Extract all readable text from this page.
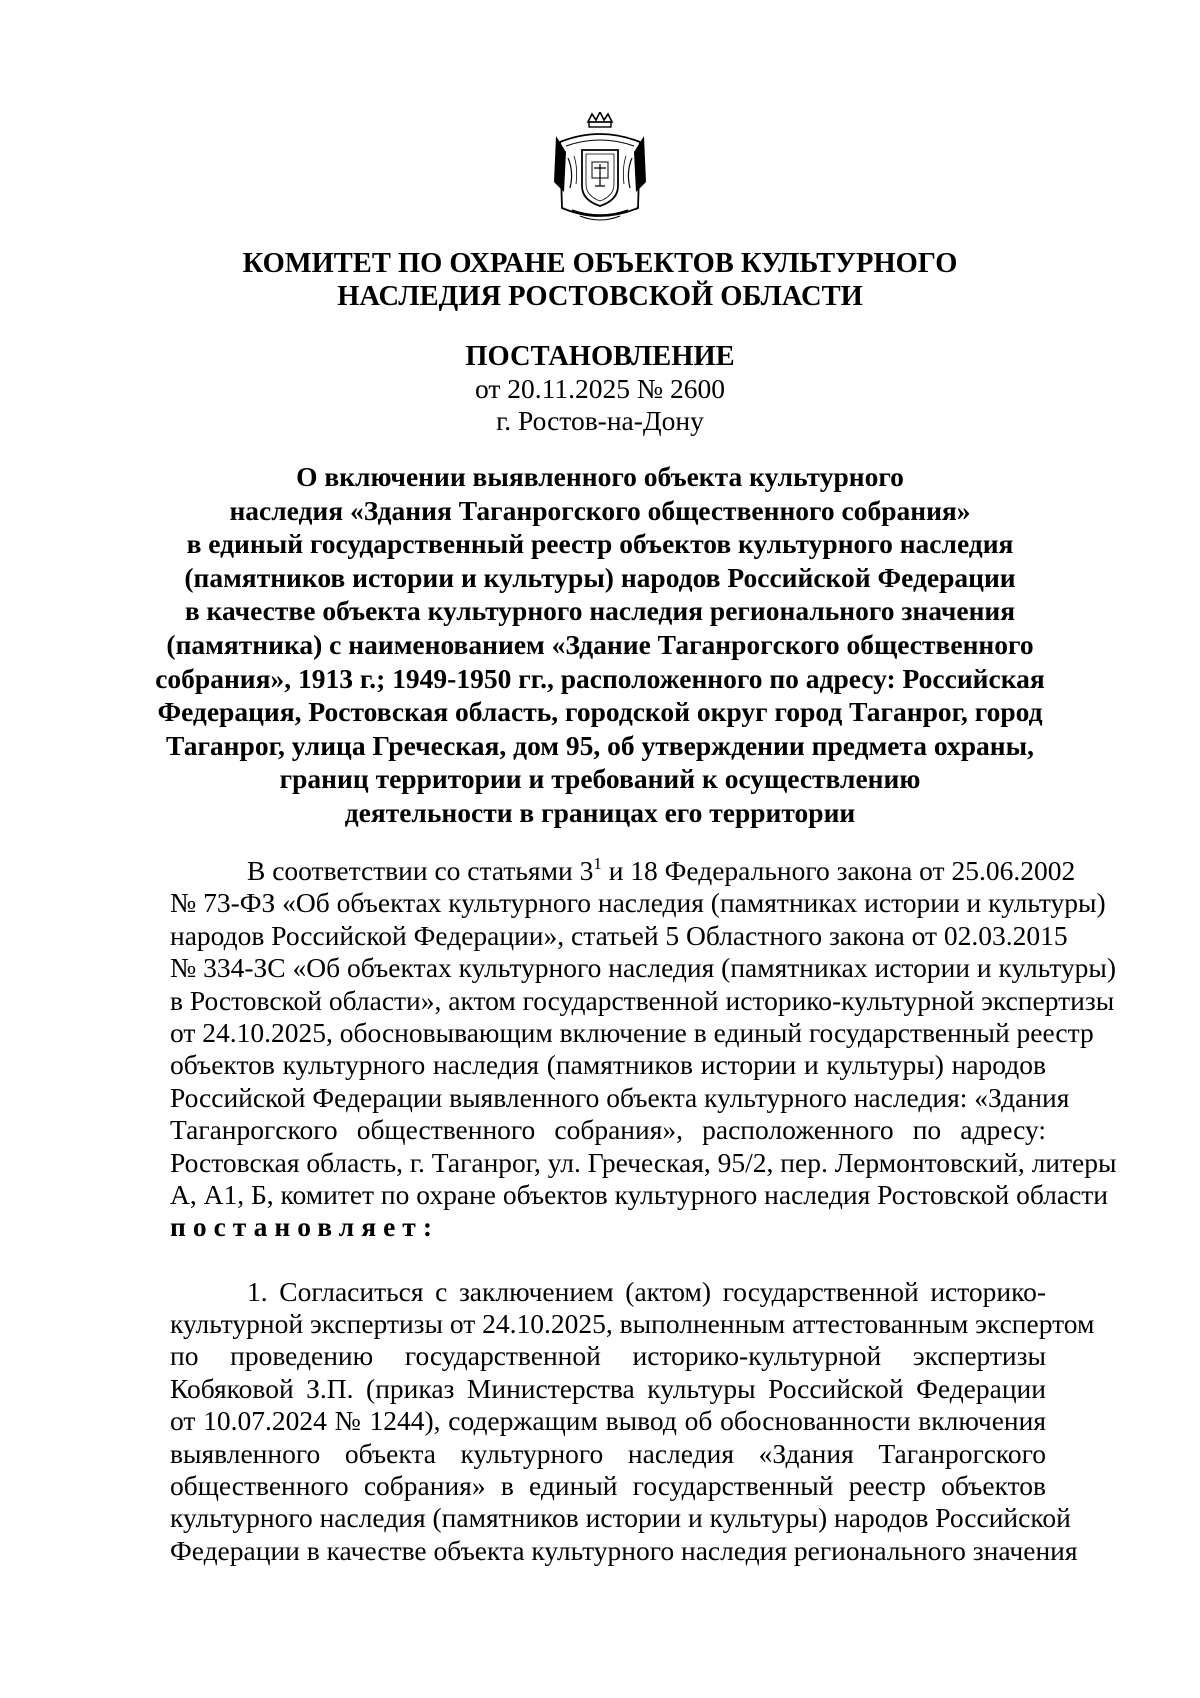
КОМИТЕТ ПО ОХРАНЕ ОБЪЕКТОВ КУЛЬТУРНОГО
НАСЛЕДИЯ РОСТОВСКОЙ ОБЛАСТИ
ПОСТАНОВЛЕНИЕ
от 20.11.2025 № 2600
г. Ростов-на-Дону
О включении выявленного объекта культурного
наследия «Здания Таганрогского общественного собрания»
в единый государственный реестр объектов культурного наследия
(памятников истории и культуры) народов Российской Федерации
в качестве объекта культурного наследия регионального значения
(памятника) с наименованием «Здание Таганрогского общественного
собрания», 1913 г.; 1949-1950 гг., расположенного по адресу: Российская
Федерация, Ростовская область, городской округ город Таганрог, город
Таганрог, улица Греческая, дом 95, об утверждении предмета охраны,
границ территории и требований к осуществлению
деятельности в границах его территории
В соответствии со статьями $3^1$ и 18 Федерального закона от 25.06.2002
№ 73-ФЗ «Об объектах культурного наследия (памятниках истории и культуры)
народов Российской Федерации», статьей 5 Областного закона от 02.03.2015
№ 334-ЗС «Об объектах культурного наследия (памятниках истории и культуры)
в Ростовской области», актом государственной историко-культурной экспертизы
от 24.10.2025, обосновывающим включение в единый государственный реестр
объектов культурного наследия (памятников истории и культуры) народов
Российской Федерации выявленного объекта культурного наследия: «Здания
Таганрогского общественного собрания», расположенного по адресу:
Ростовская область, г. Таганрог, ул. Греческая, 95/2, пер. Лермонтовский, литеры
А, А1, Б, комитет по охране объектов культурного наследия Ростовской области
постановляет:
1. Согласиться с заключением (актом) государственной историко-
культурной экспертизы от 24.10.2025, выполненным аттестованным экспертом
по проведению государственной историко-культурной экспертизы
Кобяковой З.П. (приказ Министерства культуры Российской Федерации
от 10.07.2024 № 1244), содержащим вывод об обоснованности включения
выявленного объекта культурного наследия «Здания Таганрогского
общественного собрания» в единый государственный реестр объектов
культурного наследия (памятников истории и культуры) народов Российской
Федерации в качестве объекта культурного наследия регионального значения
